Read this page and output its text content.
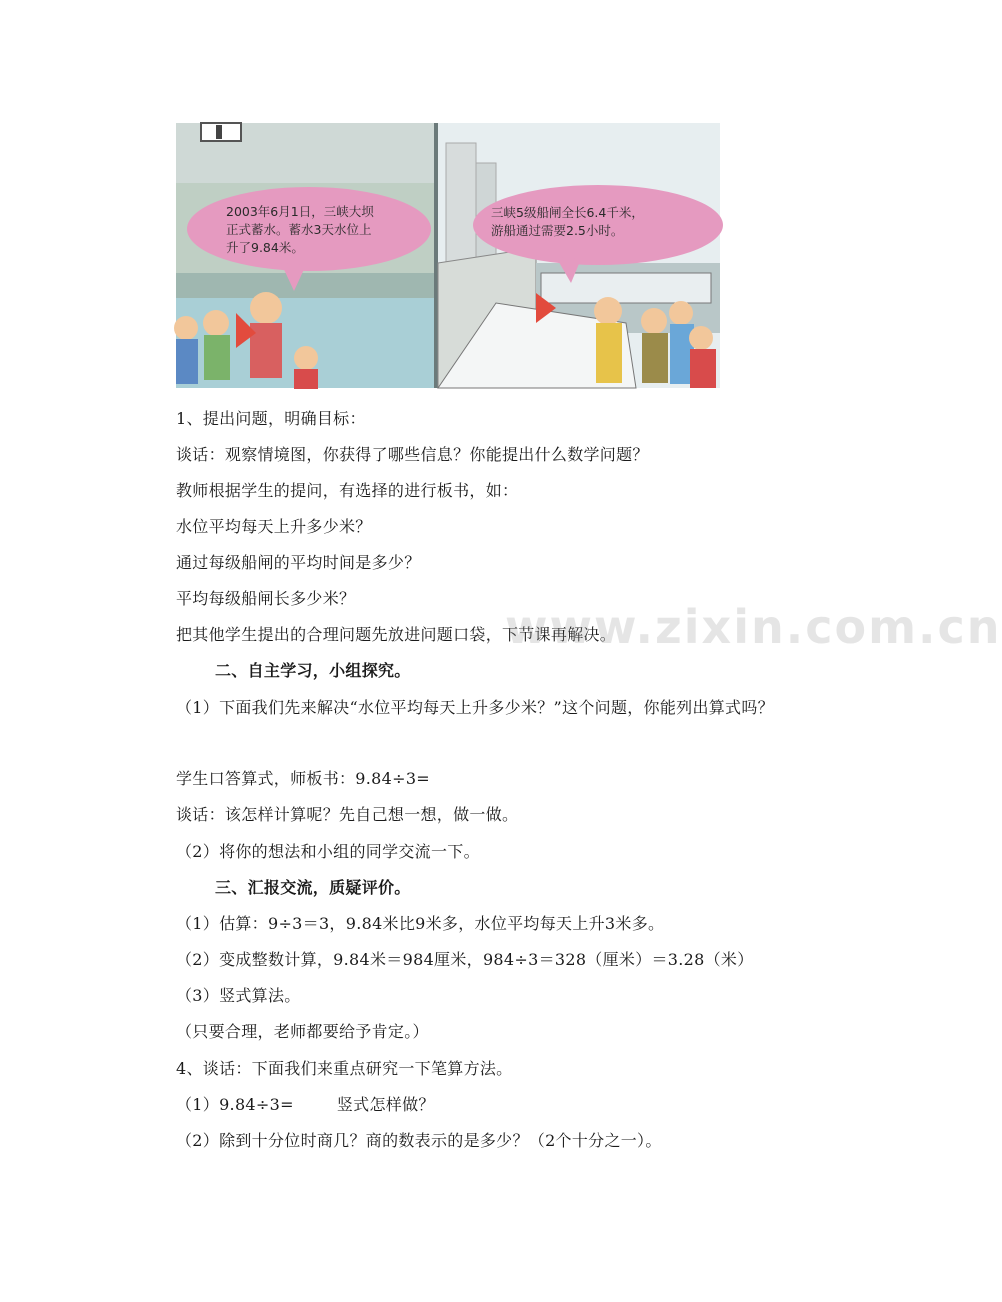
2003年6月1日，三峡大坝
正式蓄水。蓄水3天水位上
升了9.84米。
三峡5级船闸全长6.4千米，
游船通过需要2.5小时。
1、提出问题，明确目标：
谈话：观察情境图，你获得了哪些信息？你能提出什么数学问题？
教师根据学生的提问，有选择的进行板书，如：
水位平均每天上升多少米？
通过每级船闸的平均时间是多少？
平均每级船闸长多少米？
把其他学生提出的合理问题先放进问题口袋，下节课再解决。
二、自主学习，小组探究。
（1）下面我们先来解决“水位平均每天上升多少米？”这个问题，你能列出算式吗？
学生口答算式，师板书：9.84÷3=
谈话：该怎样计算呢？先自己想一想，做一做。
（2）将你的想法和小组的同学交流一下。
三、汇报交流，质疑评价。
（1）估算：9÷3＝3，9.84米比9米多，水位平均每天上升3米多。
（2）变成整数计算，9.84米＝984厘米，984÷3＝328（厘米）＝3.28（米）
（3）竖式算法。
（只要合理，老师都要给予肯定。）
4、谈话：下面我们来重点研究一下笔算方法。
（1）9.84÷3=        竖式怎样做？
（2）除到十分位时商几？商的数表示的是多少？（2个十分之一）。
www.zixin.com.cn
